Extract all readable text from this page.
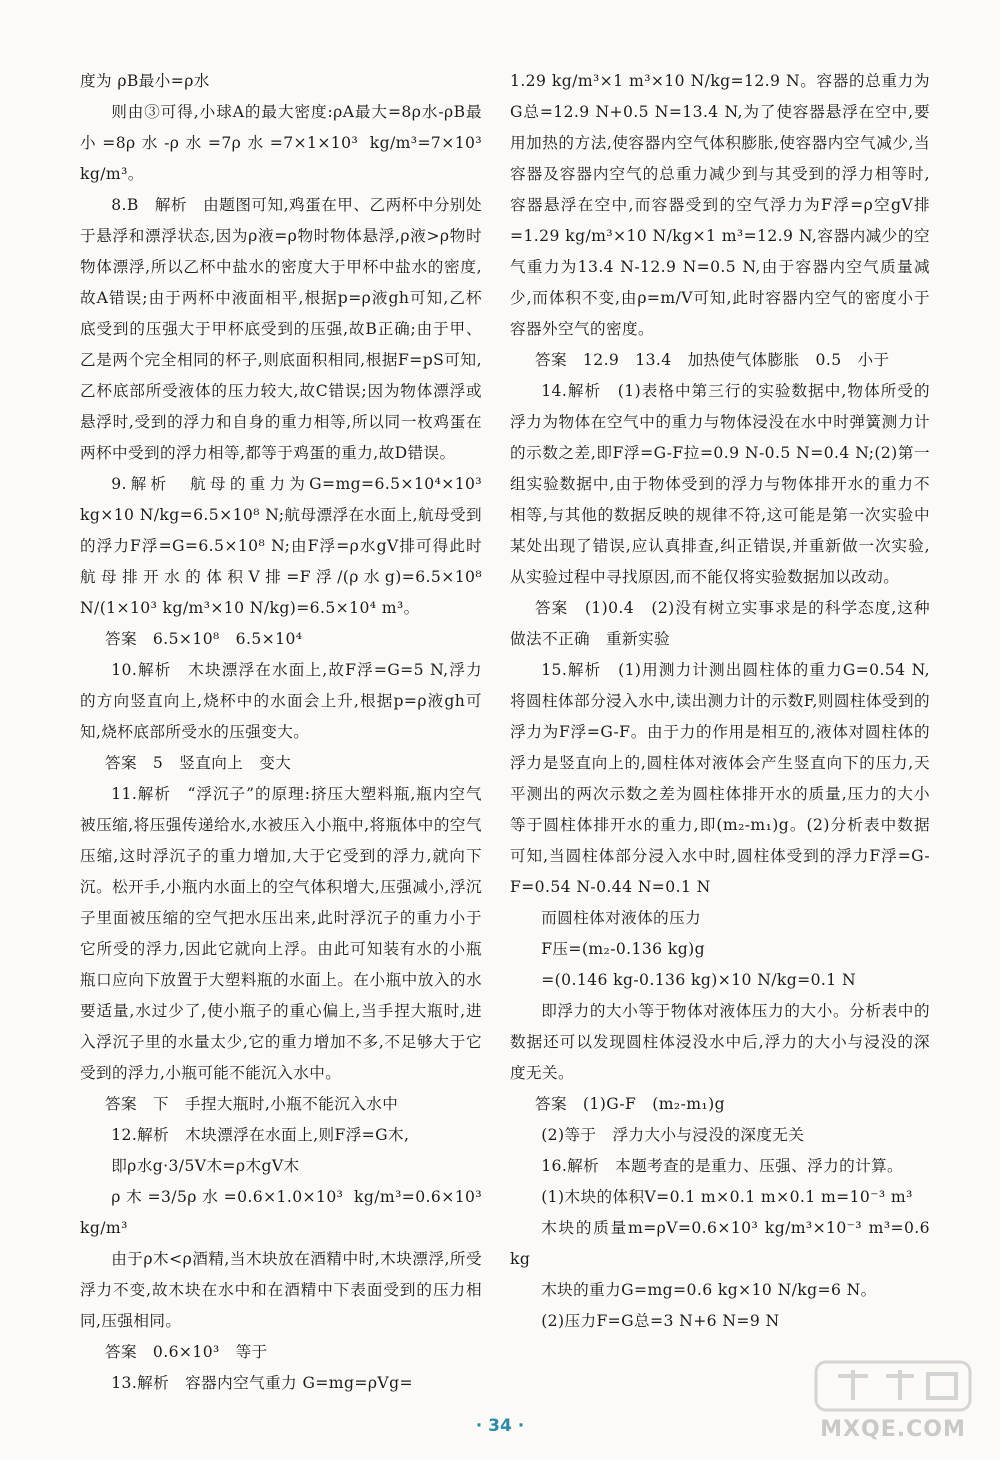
度为 ρB最小=ρ水

则由③可得,小球A的最大密度:ρA最大=8ρ水-ρB最小=8ρ水-ρ水=7ρ水=7×1×10³ kg/m³=7×10³ kg/m³。

8.B　解析　由题图可知,鸡蛋在甲、乙两杯中分别处于悬浮和漂浮状态,因为ρ液=ρ物时物体悬浮,ρ液>ρ物时物体漂浮,所以乙杯中盐水的密度大于甲杯中盐水的密度,故A错误;由于两杯中液面相平,根据p=ρ液gh可知,乙杯底受到的压强大于甲杯底受到的压强,故B正确;由于甲、乙是两个完全相同的杯子,则底面积相同,根据F=pS可知,乙杯底部所受液体的压力较大,故C错误;因为物体漂浮或悬浮时,受到的浮力和自身的重力相等,所以同一枚鸡蛋在两杯中受到的浮力相等,都等于鸡蛋的重力,故D错误。

9.解析　航母的重力为G=mg=6.5×10⁴×10³ kg×10 N/kg=6.5×10⁸ N;航母漂浮在水面上,航母受到的浮力F浮=G=6.5×10⁸ N;由F浮=ρ水gV排可得此时航母排开水的体积V排=F浮/(ρ水g)=6.5×10⁸ N/(1×10³ kg/m³×10 N/kg)=6.5×10⁴ m³。

答案　6.5×10⁸　6.5×10⁴

10.解析　木块漂浮在水面上,故F浮=G=5 N,浮力的方向竖直向上,烧杯中的水面会上升,根据p=ρ液gh可知,烧杯底部所受水的压强变大。

答案　5　竖直向上　变大

11.解析　“浮沉子”的原理:挤压大塑料瓶,瓶内空气被压缩,将压强传递给水,水被压入小瓶中,将瓶体中的空气压缩,这时浮沉子的重力增加,大于它受到的浮力,就向下沉。松开手,小瓶内水面上的空气体积增大,压强减小,浮沉子里面被压缩的空气把水压出来,此时浮沉子的重力小于它所受的浮力,因此它就向上浮。由此可知装有水的小瓶瓶口应向下放置于大塑料瓶的水面上。在小瓶中放入的水要适量,水过少了,使小瓶子的重心偏上,当手捏大瓶时,进入浮沉子里的水量太少,它的重力增加不多,不足够大于它受到的浮力,小瓶可能不能沉入水中。

答案　下　手捏大瓶时,小瓶不能沉入水中

12.解析　木块漂浮在水面上,则F浮=G木,

即ρ水g·3/5V木=ρ木gV木

ρ木=3/5ρ水=0.6×1.0×10³ kg/m³=0.6×10³ kg/m³

由于ρ木<ρ酒精,当木块放在酒精中时,木块漂浮,所受浮力不变,故木块在水中和在酒精中下表面受到的压力相同,压强相同。

答案　0.6×10³　等于

13.解析　容器内空气重力 G=mg=ρVg=

1.29 kg/m³×1 m³×10 N/kg=12.9 N。容器的总重力为G总=12.9 N+0.5 N=13.4 N,为了使容器悬浮在空中,要用加热的方法,使容器内空气体积膨胀,使容器内空气减少,当容器及容器内空气的总重力减少到与其受到的浮力相等时,容器悬浮在空中,而容器受到的空气浮力为F浮=ρ空gV排=1.29 kg/m³×10 N/kg×1 m³=12.9 N,容器内减少的空气重力为13.4 N-12.9 N=0.5 N,由于容器内空气质量减少,而体积不变,由ρ=m/V可知,此时容器内空气的密度小于容器外空气的密度。

答案　12.9　13.4　加热使气体膨胀　0.5　小于

14.解析　(1)表格中第三行的实验数据中,物体所受的浮力为物体在空气中的重力与物体浸没在水中时弹簧测力计的示数之差,即F浮=G-F拉=0.9 N-0.5 N=0.4 N;(2)第一组实验数据中,由于物体受到的浮力与物体排开水的重力不相等,与其他的数据反映的规律不符,这可能是第一次实验中某处出现了错误,应认真排查,纠正错误,并重新做一次实验,从实验过程中寻找原因,而不能仅将实验数据加以改动。

答案　(1)0.4　(2)没有树立实事求是的科学态度,这种做法不正确　重新实验

15.解析　(1)用测力计测出圆柱体的重力G=0.54 N,将圆柱体部分浸入水中,读出测力计的示数F,则圆柱体受到的浮力为F浮=G-F。由于力的作用是相互的,液体对圆柱体的浮力是竖直向上的,圆柱体对液体会产生竖直向下的压力,天平测出的两次示数之差为圆柱体排开水的质量,压力的大小等于圆柱体排开水的重力,即(m₂-m₁)g。(2)分析表中数据可知,当圆柱体部分浸入水中时,圆柱体受到的浮力F浮=G-F=0.54 N-0.44 N=0.1 N

而圆柱体对液体的压力

F压=(m₂-0.136 kg)g

=(0.146 kg-0.136 kg)×10 N/kg=0.1 N

即浮力的大小等于物体对液体压力的大小。分析表中的数据还可以发现圆柱体浸没水中后,浮力的大小与浸没的深度无关。

答案　(1)G-F　(m₂-m₁)g

(2)等于　浮力大小与浸没的深度无关

16.解析　本题考查的是重力、压强、浮力的计算。

(1)木块的体积V=0.1 m×0.1 m×0.1 m=10⁻³ m³

木块的质量m=ρV=0.6×10³ kg/m³×10⁻³ m³=0.6 kg

木块的重力G=mg=0.6 kg×10 N/kg=6 N。

(2)压力F=G总=3 N+6 N=9 N

· 34 ·	MXQE.COM
